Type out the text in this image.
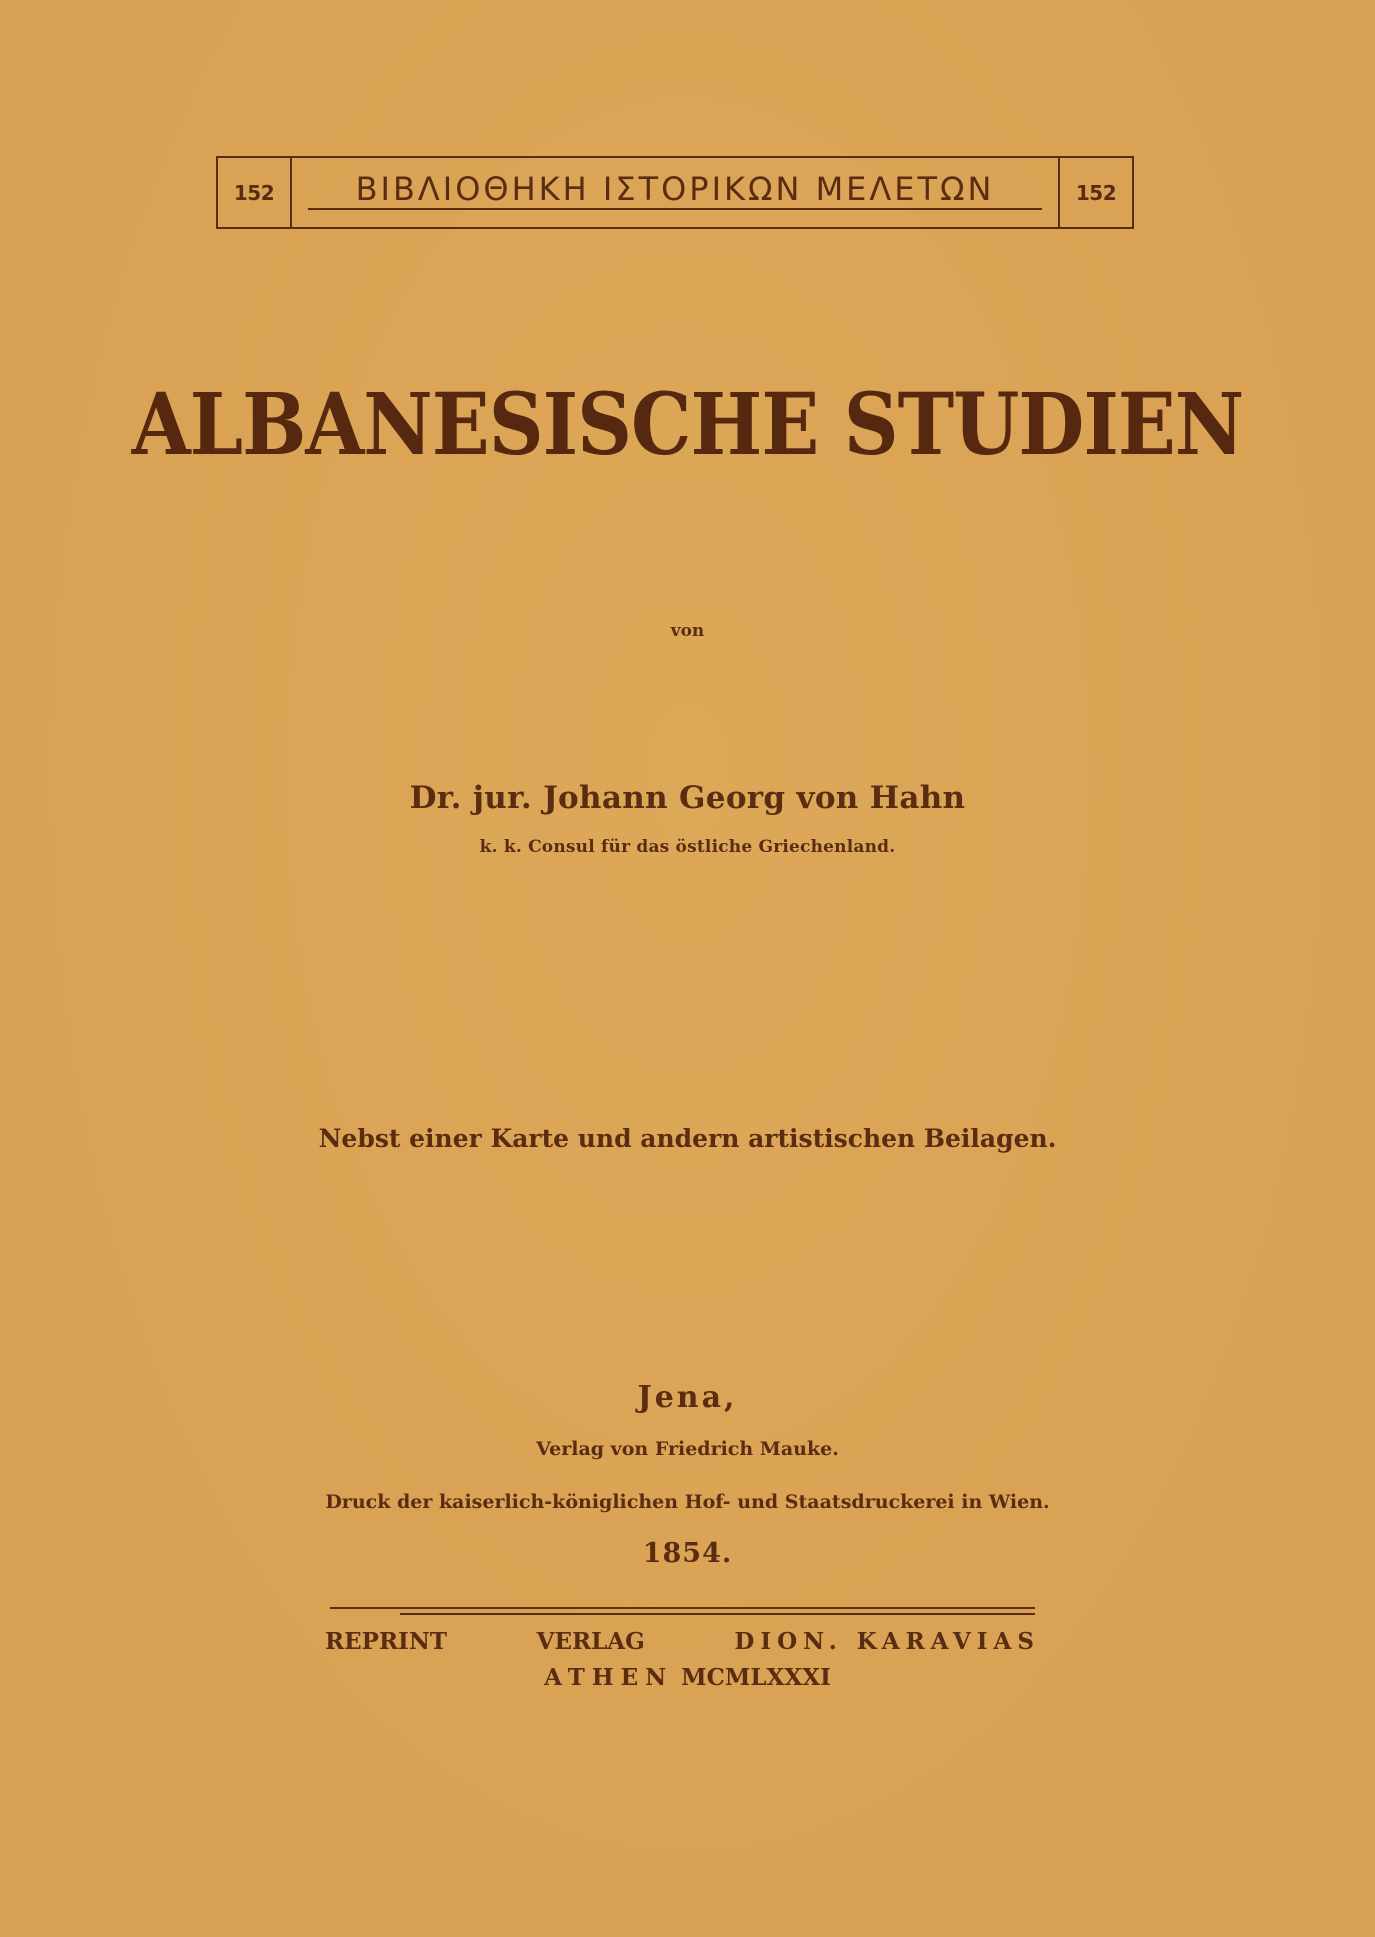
152	ΒΙΒΛΙΟΘΗΚΗ ΙΣΤΟΡΙΚΩΝ ΜΕΛΕΤΩΝ	152
ALBANESISCHE STUDIEN
von
Dr. jur. Johann Georg von Hahn
k. k. Consul für das östliche Griechenland.
Nebst einer Karte und andern artistischen Beilagen.
Jena,
Verlag von Friedrich Mauke.
Druck der kaiserlich-königlichen Hof- und Staatsdruckerei in Wien.
1854.
REPRINT	VERLAG	DION. KARAVIAS
ATHEN MCMLXXXI
